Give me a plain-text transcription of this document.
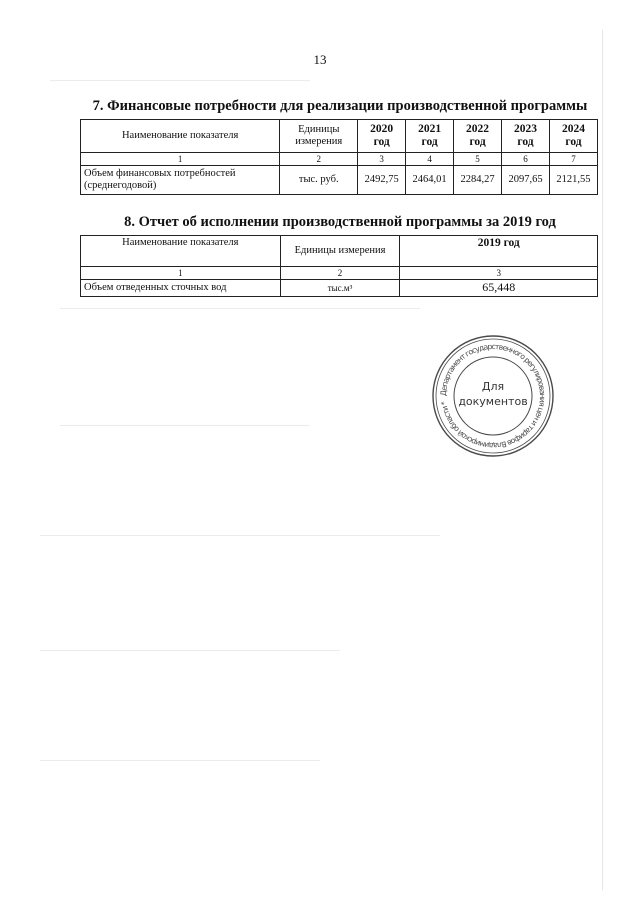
13
7. Финансовые потребности для реализации производственной программы
Наименование показателя	Единицы измерения	2020 год	2021 год	2022 год	2023 год	2024 год
1	2	3	4	5	6	7
Объем финансовых потребностей (среднегодовой)	тыс. руб.	2492,75	2464,01	2284,27	2097,65	2121,55
8. Отчет об исполнении производственной программы за 2019 год
Наименование показателя	Единицы измерения	2019 год
1	2	3
Объем отведенных сточных вод	тыс.м³	65,448
Департамент государственного регулирования цен и тарифов Владимирской области *
Для
документов
